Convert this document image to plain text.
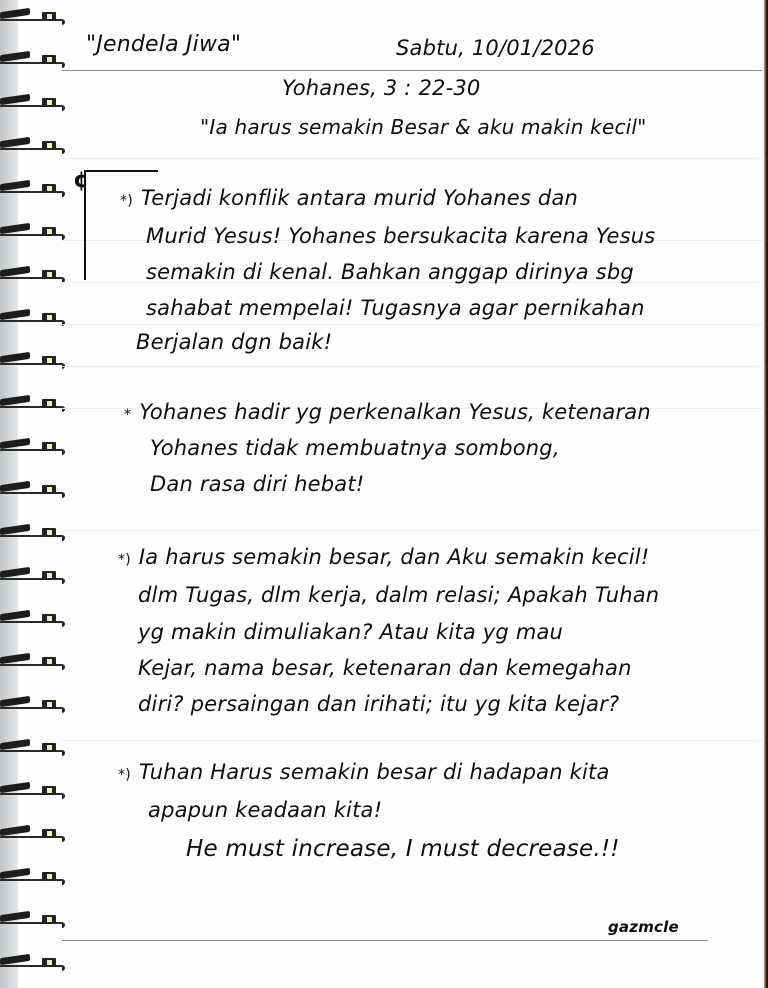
"Jendela Jiwa"	Sabtu, 10/01/2026
Yohanes, 3 : 22-30
"Ia harus semakin Besar & aku makin kecil"
¢
*) Terjadi konflik antara murid Yohanes dan
Murid Yesus! Yohanes bersukacita karena Yesus
semakin di kenal. Bahkan anggap dirinya sbg
sahabat mempelai! Tugasnya agar pernikahan
Berjalan dgn baik!
* Yohanes hadir yg perkenalkan Yesus, ketenaran
Yohanes tidak membuatnya sombong,
Dan rasa diri hebat!
*) Ia harus semakin besar, dan Aku semakin kecil!
dlm Tugas, dlm kerja, dalm relasi; Apakah Tuhan
yg makin dimuliakan? Atau kita yg mau
Kejar, nama besar, ketenaran dan kemegahan
diri? persaingan dan irihati; itu yg kita kejar?
*) Tuhan Harus semakin besar di hadapan kita
apapun keadaan kita!
He must increase, I must decrease.!!
gazmcle
